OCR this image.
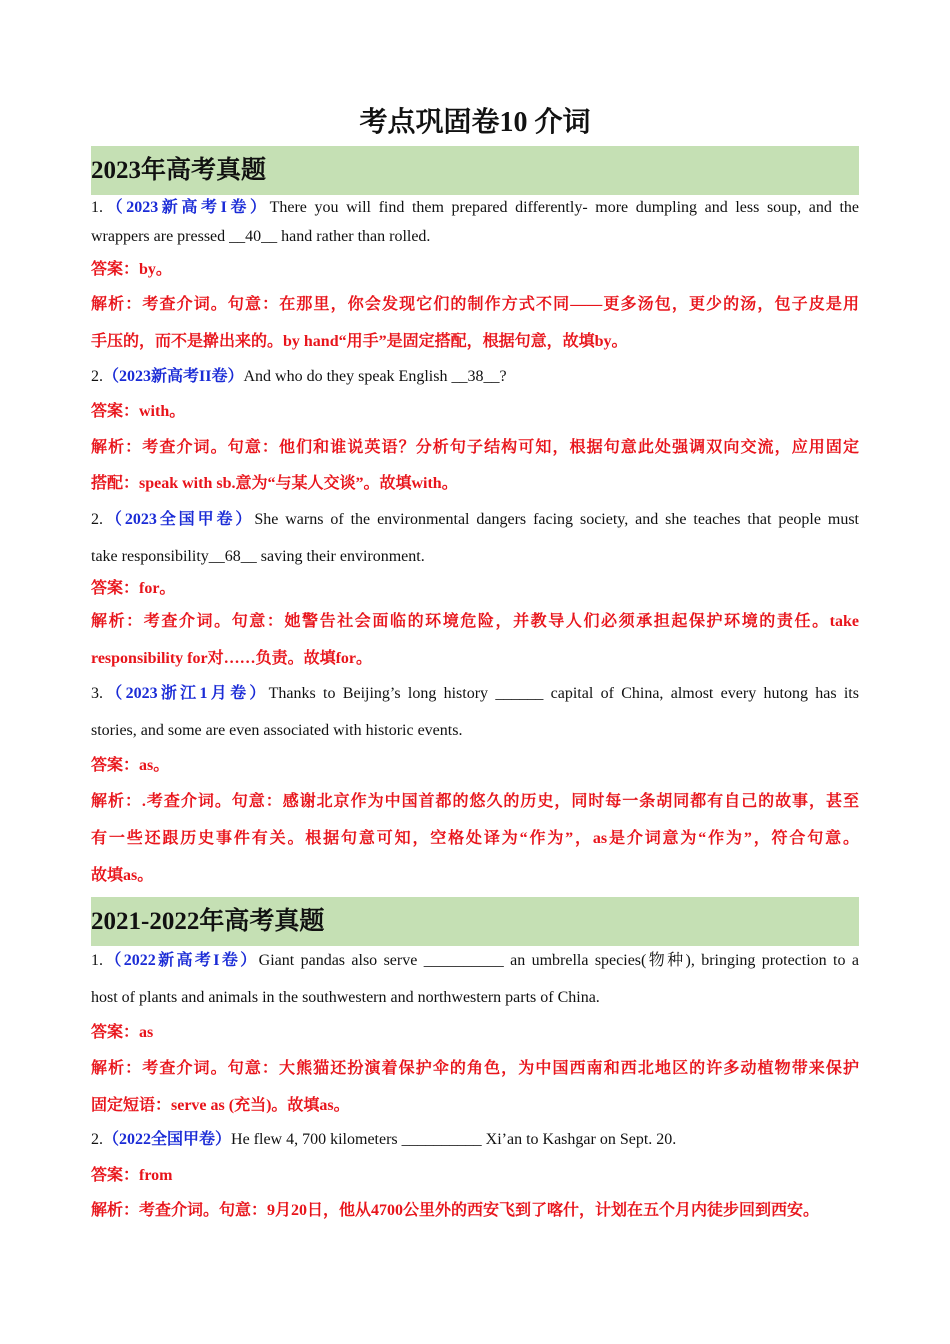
考点巩固卷10 介词
2023年高考真题
1.（2023新高考I卷）There you will find them prepared differently- more dumpling and less soup, and the
wrappers are pressed __40__ hand rather than rolled.
答案：by。
解析：考查介词。句意：在那里，你会发现它们的制作方式不同——更多汤包，更少的汤，包子皮是用
手压的，而不是擀出来的。by hand“用手”是固定搭配，根据句意，故填by。
2.（2023新高考II卷）And who do they speak English __38__?
答案：with。
解析：考查介词。句意：他们和谁说英语？分析句子结构可知，根据句意此处强调双向交流，应用固定
搭配：speak with sb.意为“与某人交谈”。故填with。
2.（2023全国甲卷）She warns of the environmental dangers facing society, and she teaches that people must
take responsibility__68__ saving their environment.
答案：for。
解析：考查介词。句意：她警告社会面临的环境危险，并教导人们必须承担起保护环境的责任。take
responsibility for对……负责。故填for。
3.（2023浙江1月卷）Thanks to Beijing’s long history ______ capital of China, almost every hutong has its
stories, and some are even associated with historic events.
答案：as。
解析：.考查介词。句意：感谢北京作为中国首都的悠久的历史，同时每一条胡同都有自己的故事，甚至
有一些还跟历史事件有关。根据句意可知，空格处译为“作为”，as是介词意为“作为”，符合句意。
故填as。
2021-2022年高考真题
1.（2022新高考I卷）Giant pandas also serve __________ an umbrella species(物种), bringing protection to a
host of plants and animals in the southwestern and northwestern parts of China.
答案：as
解析：考查介词。句意：大熊猫还扮演着保护伞的角色，为中国西南和西北地区的许多动植物带来保护
固定短语：serve as (充当)。故填as。
2.（2022全国甲卷）He flew 4, 700 kilometers __________ Xi’an to Kashgar on Sept. 20.
答案：from
解析：考查介词。句意：9月20日，他从4700公里外的西安飞到了喀什，计划在五个月内徒步回到西安。
